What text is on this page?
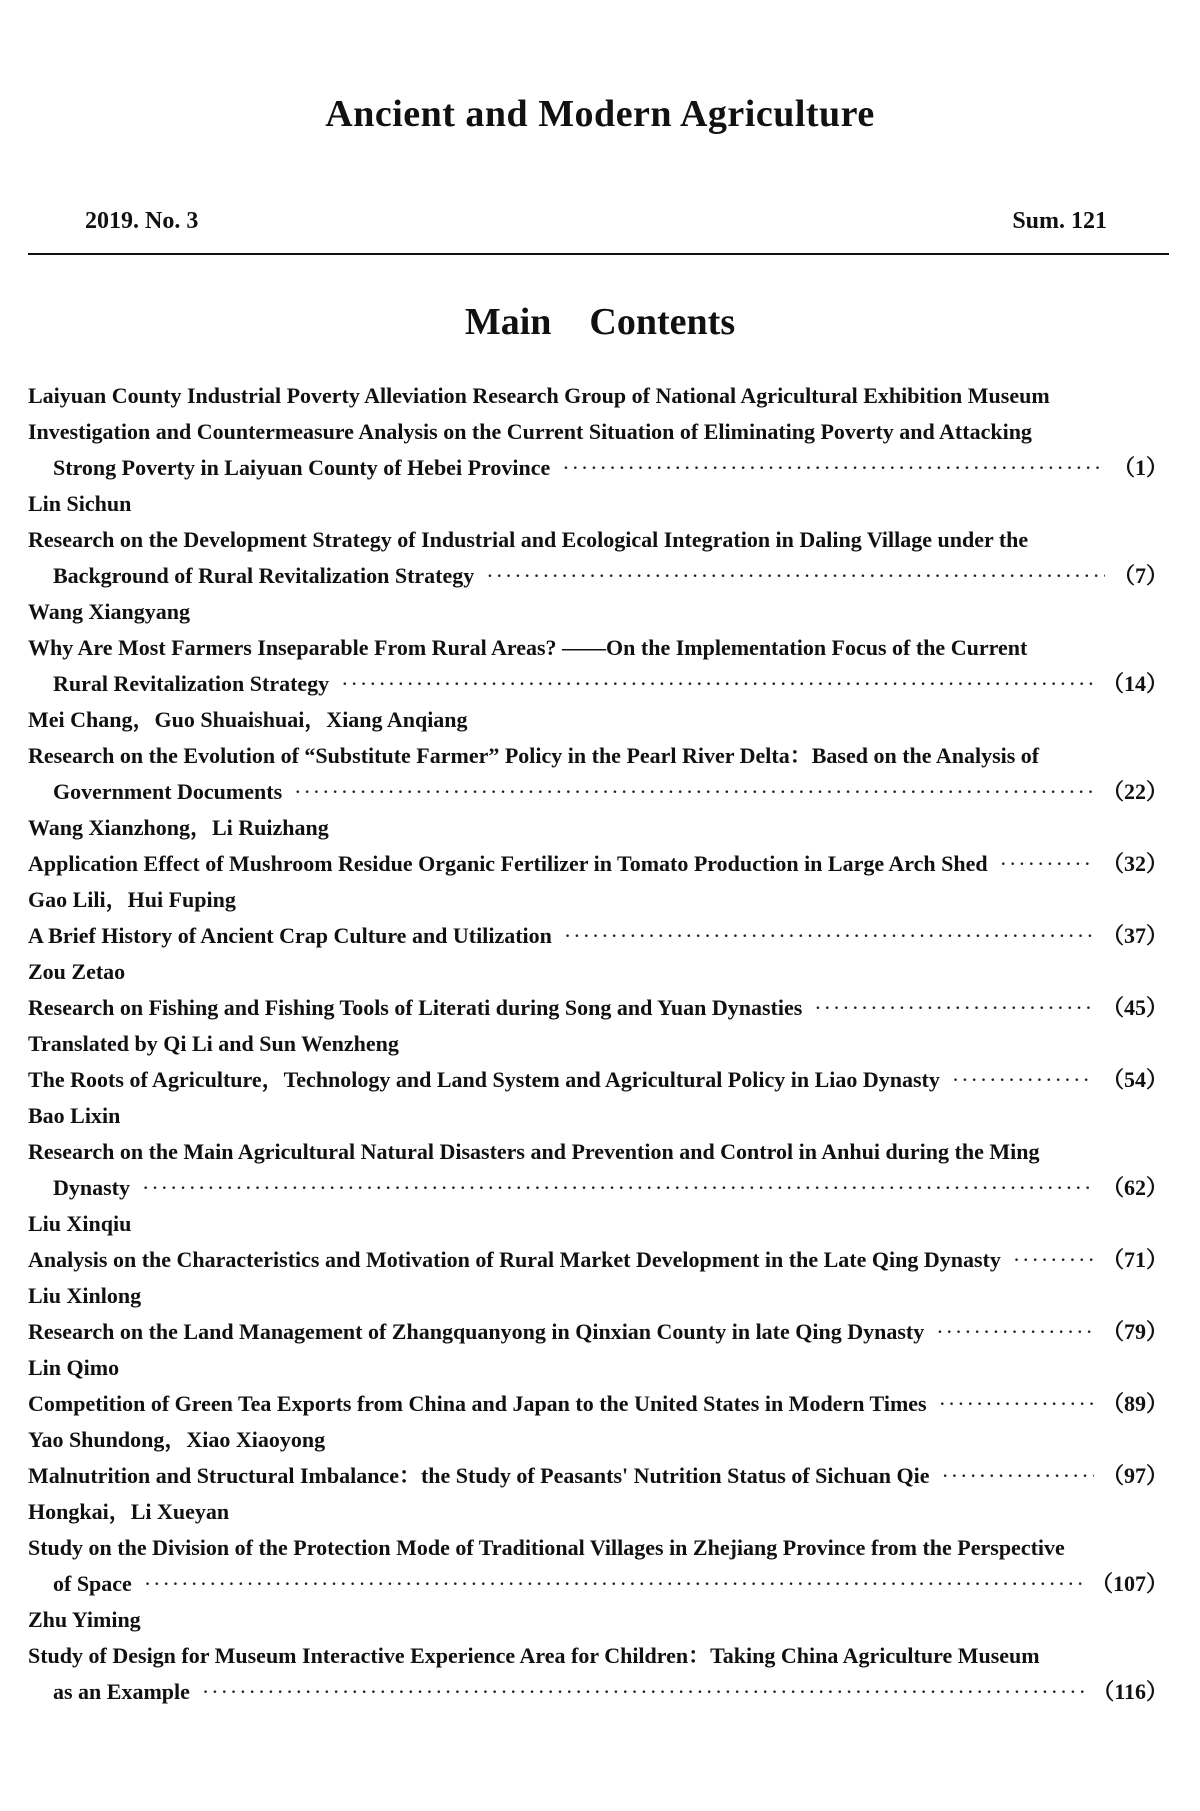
Ancient and Modern Agriculture
2019. No. 3	Sum. 121
Main　Contents
Laiyuan County Industrial Poverty Alleviation Research Group of National Agricultural Exhibition Museum
Investigation and Countermeasure Analysis on the Current Situation of Eliminating Poverty and Attacking
Strong Poverty in Laiyuan County of Hebei Province ·····	（1）
Lin Sichun
Research on the Development Strategy of Industrial and Ecological Integration in Daling Village under the
Background of Rural Revitalization Strategy ·····	（7）
Wang Xiangyang
Why Are Most Farmers Inseparable From Rural Areas? ——On the Implementation Focus of the Current
Rural Revitalization Strategy ·····	（14）
Mei Chang，Guo Shuaishuai，Xiang Anqiang
Research on the Evolution of “Substitute Farmer” Policy in the Pearl River Delta：Based on the Analysis of
Government Documents ·····	（22）
Wang Xianzhong，Li Ruizhang
Application Effect of Mushroom Residue Organic Fertilizer in Tomato Production in Large Arch Shed ·····	（32）
Gao Lili，Hui Fuping
A Brief History of Ancient Crap Culture and Utilization ·····	（37）
Zou Zetao
Research on Fishing and Fishing Tools of Literati during Song and Yuan Dynasties ·····	（45）
Translated by Qi Li and Sun Wenzheng
The Roots of Agriculture，Technology and Land System and Agricultural Policy in Liao Dynasty ·····	（54）
Bao Lixin
Research on the Main Agricultural Natural Disasters and Prevention and Control in Anhui during the Ming
Dynasty ·····	（62）
Liu Xinqiu
Analysis on the Characteristics and Motivation of Rural Market Development in the Late Qing Dynasty ·····	（71）
Liu Xinlong
Research on the Land Management of Zhangquanyong in Qinxian County in late Qing Dynasty ·····	（79）
Lin Qimo
Competition of Green Tea Exports from China and Japan to the United States in Modern Times ·····	（89）
Yao Shundong，Xiao Xiaoyong
Malnutrition and Structural Imbalance：the Study of Peasants' Nutrition Status of Sichuan Qie ·····	（97）
Hongkai，Li Xueyan
Study on the Division of the Protection Mode of Traditional Villages in Zhejiang Province from the Perspective
of Space ·····	（107）
Zhu Yiming
Study of Design for Museum Interactive Experience Area for Children：Taking China Agriculture Museum
as an Example ·····	（116）
